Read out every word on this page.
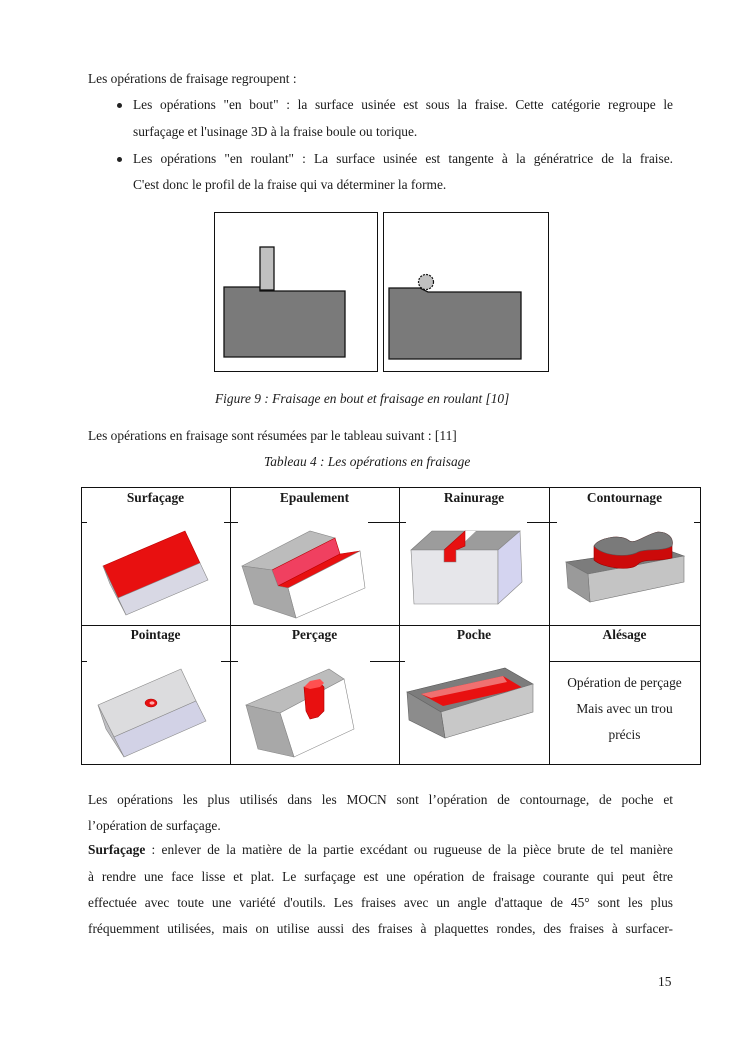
Les opérations de fraisage regroupent :
Les opérations "en bout" : la surface usinée est sous la fraise. Cette catégorie regroupe le
surfaçage et l'usinage 3D à la fraise boule ou torique.
Les opérations "en roulant" : La surface usinée est tangente à la génératrice de la fraise.
C'est donc le profil de la fraise qui va déterminer la forme.
Figure 9 : Fraisage en bout et fraisage en roulant [10]
Les opérations en fraisage sont résumées par le tableau suivant : [11]
Tableau 4 : Les opérations en fraisage
Surfaçage	Epaulement	Rainurage	Contournage
Pointage	Perçage	Poche	Alésage
Opération de perçage
Mais avec un trou
précis
Les opérations les plus utilisés dans les MOCN sont l’opération de contournage, de poche et
l’opération de surfaçage.
Surfaçage : enlever de la matière de la partie excédant ou rugueuse de la pièce brute de tel manière
à rendre une face lisse et plat. Le surfaçage est une opération de fraisage courante qui peut être
effectuée avec toute une variété d'outils. Les fraises avec un angle d'attaque de 45° sont les plus
fréquemment utilisées, mais on utilise aussi des fraises à plaquettes rondes, des fraises à surfacer-
15
